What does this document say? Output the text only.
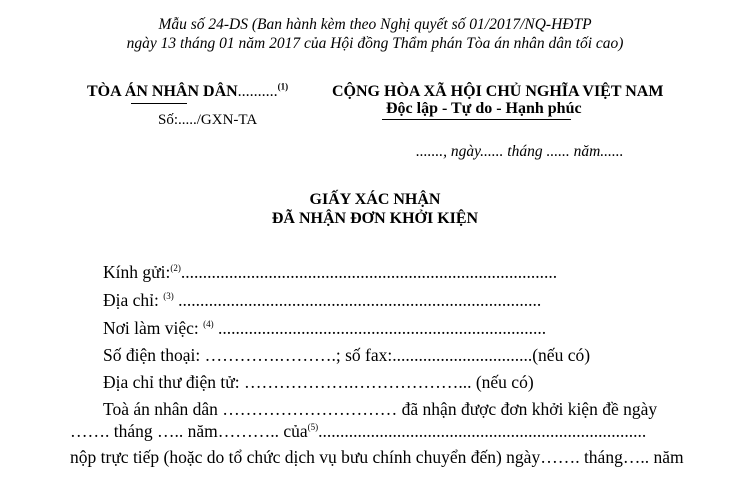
Mẫu số 24-DS (Ban hành kèm theo Nghị quyết số 01/2017/NQ-HĐTP
ngày 13 tháng 01 năm 2017 của Hội đồng Thẩm phán Tòa án nhân dân tối cao)
TÒA ÁN NHÂN DÂN..........$^{(1)}$
Số:...../GXN-TA
CỘNG HÒA XÃ HỘI CHỦ NGHĨA VIỆT NAM
Độc lập - Tự do - Hạnh phúc
......., ngày...... tháng ...... năm......
GIẤY XÁC NHẬN
ĐÃ NHẬN ĐƠN KHỞI KIỆN
Kính gửi:$^{(2)}$......................................................................................
Địa chỉ: $^{(3)}$ ...................................................................................
Nơi làm việc: $^{(4)}$ ...........................................................................
Số điện thoại: ………….……….; số fax:................................(nếu có)
Địa chỉ thư điện tử: ……………….………………... (nếu có)
Toà án nhân dân ………………………… đã nhận được đơn khởi kiện đề ngày
……. tháng ….. năm……….. của$^{(5)}$...........................................................................
nộp trực tiếp (hoặc do tổ chức dịch vụ bưu chính chuyển đến) ngày……. tháng….. năm
